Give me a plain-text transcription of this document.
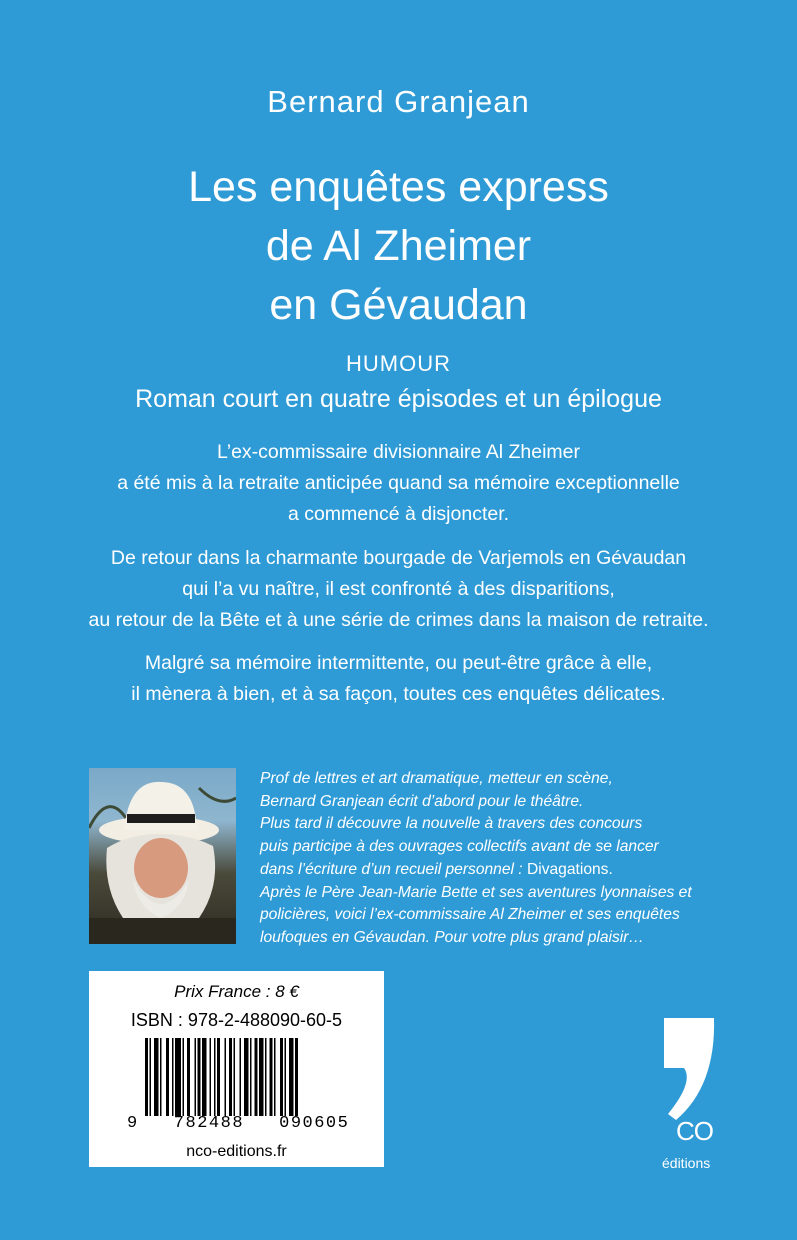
Bernard Granjean
Les enquêtes express
de Al Zheimer
en Gévaudan
HUMOUR
Roman court en quatre épisodes et un épilogue
L’ex-commissaire divisionnaire Al Zheimer
a été mis à la retraite anticipée quand sa mémoire exceptionnelle
a commencé à disjoncter.
De retour dans la charmante bourgade de Varjemols en Gévaudan
qui l’a vu naître, il est confronté à des disparitions,
au retour de la Bête et à une série de crimes dans la maison de retraite.
Malgré sa mémoire intermittente, ou peut-être grâce à elle,
il mènera à bien, et à sa façon, toutes ces enquêtes délicates.
Prof de lettres et art dramatique, metteur en scène,
Bernard Granjean écrit d’abord pour le théâtre.
Plus tard il découvre la nouvelle à travers des concours
puis participe à des ouvrages collectifs avant de se lancer
dans l’écriture d’un recueil personnel : Divagations.
Après le Père Jean-Marie Bette et ses aventures lyonnaises et
policières, voici l’ex-commissaire Al Zheimer et ses enquêtes
loufoques en Gévaudan. Pour votre plus grand plaisir…
Prix France : 8 €
ISBN : 978-2-488090-60-5
9   782488   090605
nco-editions.fr
CO
éditions
